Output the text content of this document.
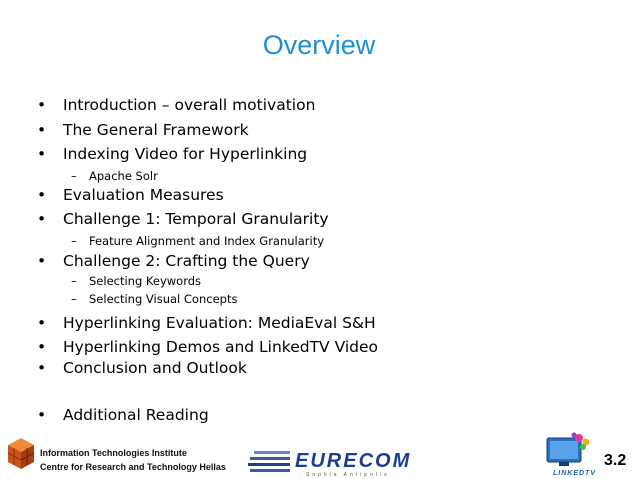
Overview
• Introduction – overall motivation
• The General Framework
• Indexing Video for Hyperlinking
– Apache Solr
• Evaluation Measures
• Challenge 1: Temporal Granularity
– Feature Alignment and Index Granularity
• Challenge 2: Crafting the Query
– Selecting Keywords
– Selecting Visual Concepts
• Hyperlinking Evaluation: MediaEval S&H
• Hyperlinking Demos and LinkedTV Video
• Conclusion and Outlook
• Additional Reading
Information Technologies Institute
Centre for Research and Technology Hellas	EURECOM
Sophia Antipolis	LINKEDTV
3.2
